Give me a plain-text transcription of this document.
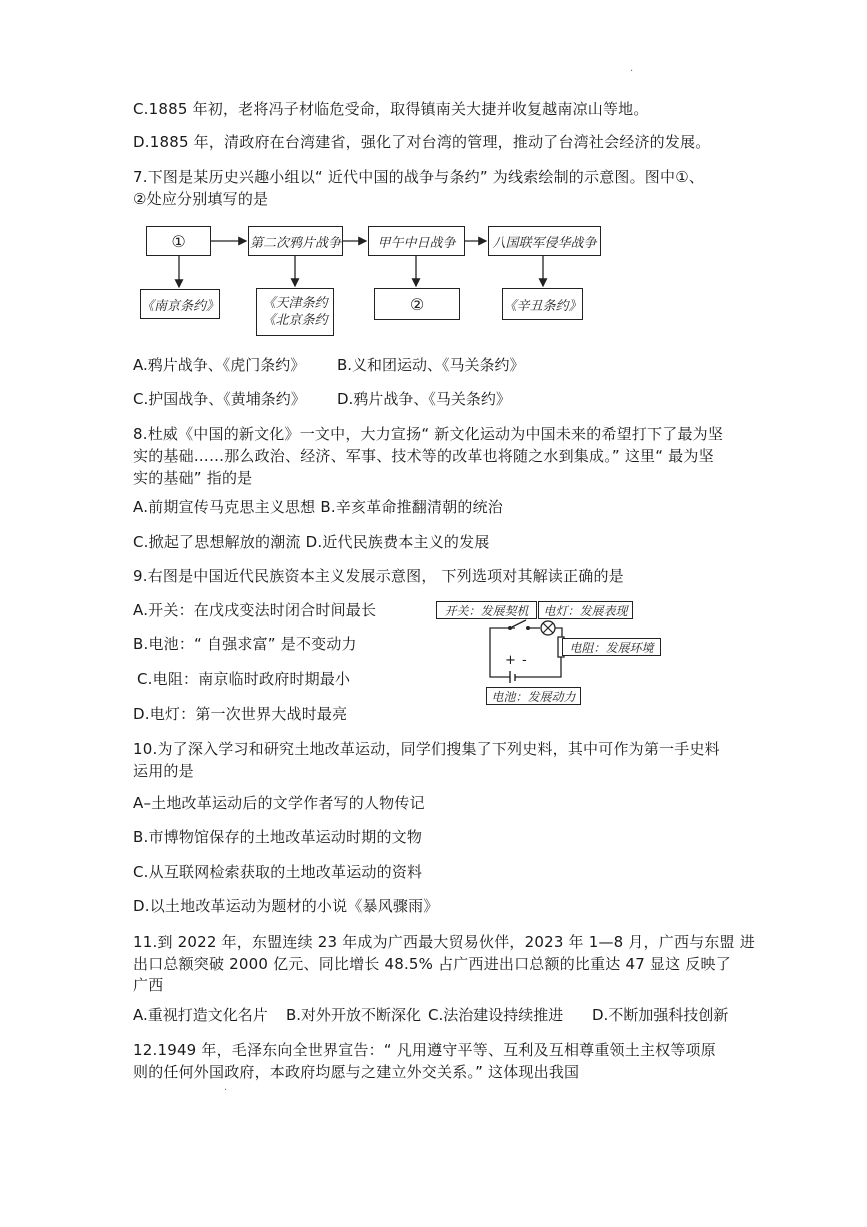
C.1885 年初，老将冯子材临危受命，取得镇南关大捷并收复越南凉山等地。
D.1885 年，清政府在台湾建省，强化了对台湾的管理，推动了台湾社会经济的发展。
7.下图是某历史兴趣小组以“ 近代中国的战争与条约” 为线索绘制的示意图。图中①、
②处应分别填写的是
①	第二次鸦片战争	甲午中日战争	八国联军侵华战争
《南京条约》	《天津条约
《北京条约
②	《辛丑条约》
A.鸦片战争、《虎门条约》 B.义和团运动、《马关条约》
C.护国战争、《黄埔条约》 D.鸦片战争、《马关条约》
8.杜威《中国的新文化》一文中，大力宣扬“ 新文化运动为中国未来的希望打下了最为坚
实的基础……那么政治、经济、军事、技术等的改革也将随之水到集成。” 这里“ 最为坚
实的基础” 指的是
A.前期宣传马克思主义思想 B.辛亥革命推翻清朝的统治
C.掀起了思想解放的潮流 D.近代民族费本主义的发展
9.右图是中国近代民族资本主义发展示意图， 下列选项对其解读正确的是
A.开关：在戊戌变法时闭合时间最长
B.电池：“ 自强求富” 是不变动力
C.电阻：南京临时政府时期最小
D.电灯：第一次世界大战时最亮
开关：发展契机 电灯：发展表现
电阻：发展环境
电池：发展动力
+ -
10.为了深入学习和研究土地改革运动，同学们搜集了下列史料，其中可作为第一手史料
运用的是
A–土地改革运动后的文学作者写的人物传记
B.市博物馆保存的土地改革运动时期的文物
C.从互联网检索获取的土地改革运动的资料
D.以土地改革运动为题材的小说《暴风骤雨》
11.到 2022 年，东盟连续 23 年成为广西最大贸易伙伴，2023 年 1—8 月，广西与东盟 进
出口总额突破 2000 亿元、同比增长 48.5% 占广西进出口总额的比重达 47 显这 反映了
广西
A.重视打造文化名片 B.对外开放不断深化 C.法治建设持续推进 D.不断加强科技创新
12.1949 年，毛泽东向全世界宣告：“ 凡用遵守平等、互利及互相尊重领土主权等项原
则的任何外国政府，本政府均愿与之建立外交关系。” 这体现出我国
·
·
